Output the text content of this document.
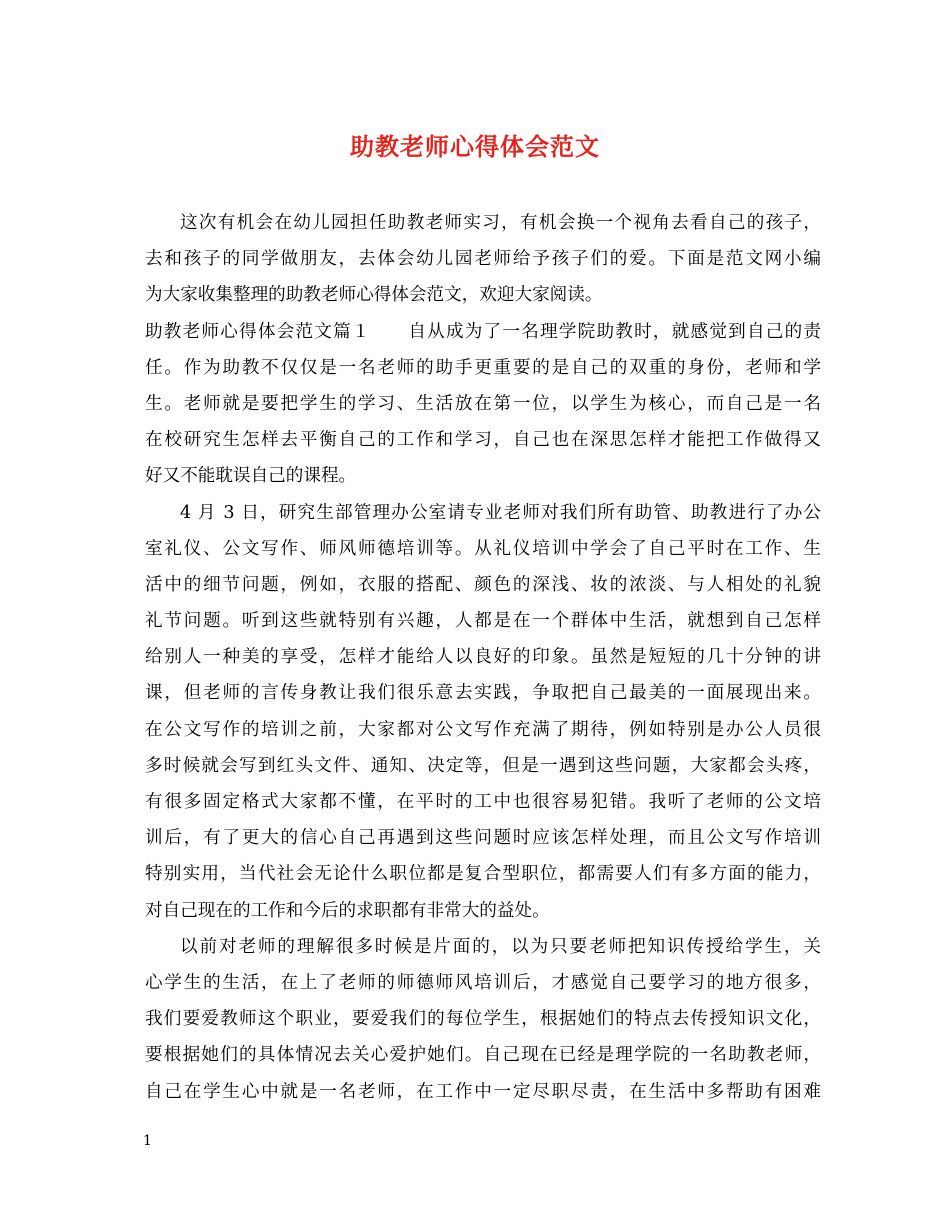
助教老师心得体会范文
这次有机会在幼儿园担任助教老师实习，有机会换一个视角去看自己的孩子，
去和孩子的同学做朋友，去体会幼儿园老师给予孩子们的爱。下面是范文网小编
为大家收集整理的助教老师心得体会范文，欢迎大家阅读。
助教老师心得体会范文篇１　　自从成为了一名理学院助教时，就感觉到自己的责
任。作为助教不仅仅是一名老师的助手更重要的是自己的双重的身份，老师和学
生。老师就是要把学生的学习、生活放在第一位，以学生为核心，而自己是一名
在校研究生怎样去平衡自己的工作和学习，自己也在深思怎样才能把工作做得又
好又不能耽误自己的课程。
4 月 3 日，研究生部管理办公室请专业老师对我们所有助管、助教进行了办公
室礼仪、公文写作、师风师德培训等。从礼仪培训中学会了自己平时在工作、生
活中的细节问题，例如，衣服的搭配、颜色的深浅、妆的浓淡、与人相处的礼貌
礼节问题。听到这些就特别有兴趣，人都是在一个群体中生活，就想到自己怎样
给别人一种美的享受，怎样才能给人以良好的印象。虽然是短短的几十分钟的讲
课，但老师的言传身教让我们很乐意去实践，争取把自己最美的一面展现出来。
在公文写作的培训之前，大家都对公文写作充满了期待，例如特别是办公人员很
多时候就会写到红头文件、通知、决定等，但是一遇到这些问题，大家都会头疼，
有很多固定格式大家都不懂，在平时的工中也很容易犯错。我听了老师的公文培
训后，有了更大的信心自己再遇到这些问题时应该怎样处理，而且公文写作培训
特别实用，当代社会无论什么职位都是复合型职位，都需要人们有多方面的能力，
对自己现在的工作和今后的求职都有非常大的益处。
以前对老师的理解很多时候是片面的，以为只要老师把知识传授给学生，关
心学生的生活，在上了老师的师德师风培训后，才感觉自己要学习的地方很多，
我们要爱教师这个职业，要爱我们的每位学生，根据她们的特点去传授知识文化，
要根据她们的具体情况去关心爱护她们。自己现在已经是理学院的一名助教老师，
自己在学生心中就是一名老师，在工作中一定尽职尽责，在生活中多帮助有困难
1
